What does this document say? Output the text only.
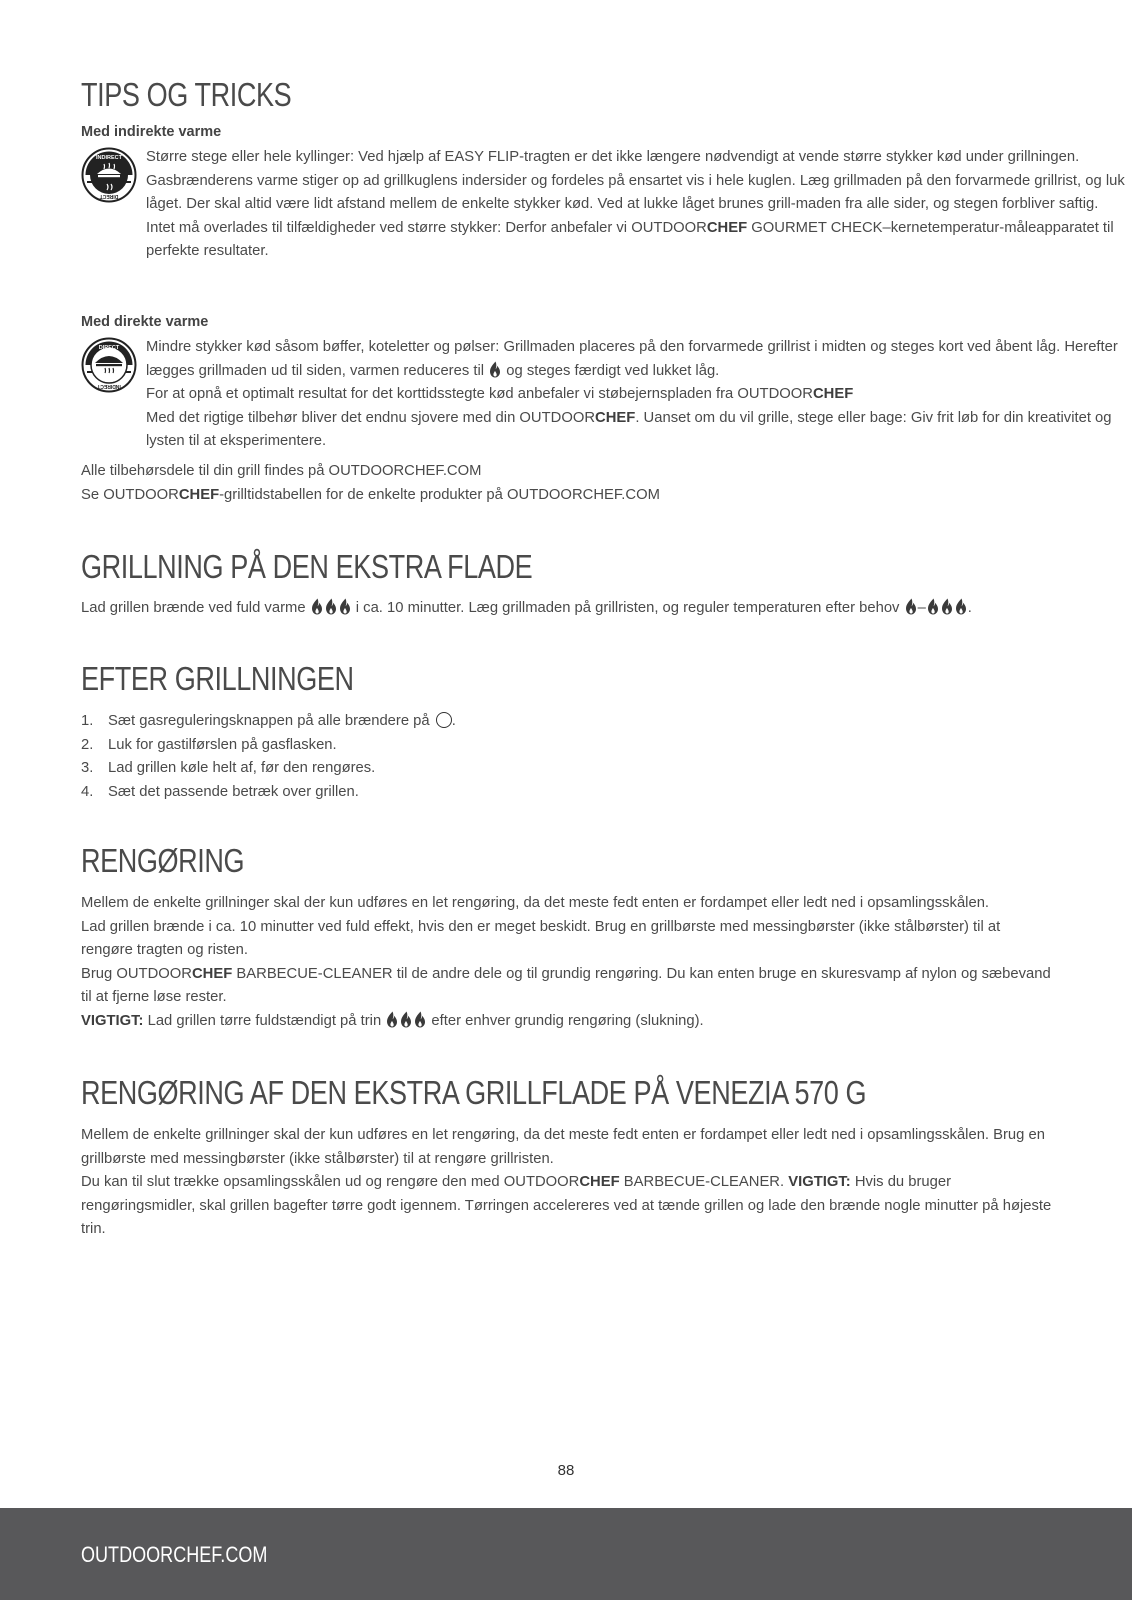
TIPS OG TRICKS
Med indirekte varme
INDIRECT
DIRECT
Større stege eller hele kyllinger: Ved hjælp af EASY FLIP-tragten er det ikke længere nødvendigt at vende større stykker kød under grillningen. Gasbrænderens varme stiger op ad grillkuglens indersider og fordeles på ensartet vis i hele kuglen. Læg grillmaden på den forvarmede grillrist, og luk låget. Der skal altid være lidt afstand mellem de enkelte stykker kød. Ved at lukke låget brunes grill-maden fra alle sider, og stegen forbliver saftig.
Intet må overlades til tilfældigheder ved større stykker: Derfor anbefaler vi OUTDOORCHEF GOURMET CHECK–kernetemperatur-måleapparatet til perfekte resultater.
Med direkte varme
DIRECT
INDIRECT
Mindre stykker kød såsom bøffer, koteletter og pølser: Grillmaden placeres på den forvarmede grillrist i midten og steges kort ved åbent låg. Herefter lægges grillmaden ud til siden, varmen reduceres til  og steges færdigt ved lukket låg.
For at opnå et optimalt resultat for det korttidsstegte kød anbefaler vi støbejernspladen fra OUTDOORCHEF
Med det rigtige tilbehør bliver det endnu sjovere med din OUTDOORCHEF. Uanset om du vil grille, stege eller bage: Giv frit løb for din kreativitet og lysten til at eksperimentere.
Alle tilbehørsdele til din grill findes på OUTDOORCHEF.COM
Se OUTDOORCHEF-grilltidstabellen for de enkelte produkter på OUTDOORCHEF.COM
GRILLNING PÅ DEN EKSTRA FLADE
Lad grillen brænde ved fuld varme	i ca. 10 minutter. Læg grillmaden på grillristen, og reguler temperaturen efter behov –	.
EFTER GRILLNINGEN
1. Sæt gasreguleringsknappen på alle brændere på .
2. Luk for gastilførslen på gasflasken.
3. Lad grillen køle helt af, før den rengøres.
4. Sæt det passende betræk over grillen.
RENGØRING
Mellem de enkelte grillninger skal der kun udføres en let rengøring, da det meste fedt enten er fordampet eller ledt ned i opsamlingsskålen.
Lad grillen brænde i ca. 10 minutter ved fuld effekt, hvis den er meget beskidt. Brug en grillbørste med messingbørster (ikke stålbørster) til at rengøre tragten og risten.
Brug OUTDOORCHEF BARBECUE-CLEANER til de andre dele og til grundig rengøring. Du kan enten bruge en skuresvamp af nylon og sæbevand til at fjerne løse rester.
VIGTIGT: Lad grillen tørre fuldstændigt på trin	efter enhver grundig rengøring (slukning).
RENGØRING AF DEN EKSTRA GRILLFLADE PÅ VENEZIA 570 G
Mellem de enkelte grillninger skal der kun udføres en let rengøring, da det meste fedt enten er fordampet eller ledt ned i opsamlingsskålen. Brug en grillbørste med messingbørster (ikke stålbørster) til at rengøre grillristen.
Du kan til slut trække opsamlingsskålen ud og rengøre den med OUTDOORCHEF BARBECUE-CLEANER. VIGTIGT: Hvis du bruger rengøringsmidler, skal grillen bagefter tørre godt igennem. Tørringen accelereres ved at tænde grillen og lade den brænde nogle minutter på højeste trin.
88
OUTDOORCHEF.COM
